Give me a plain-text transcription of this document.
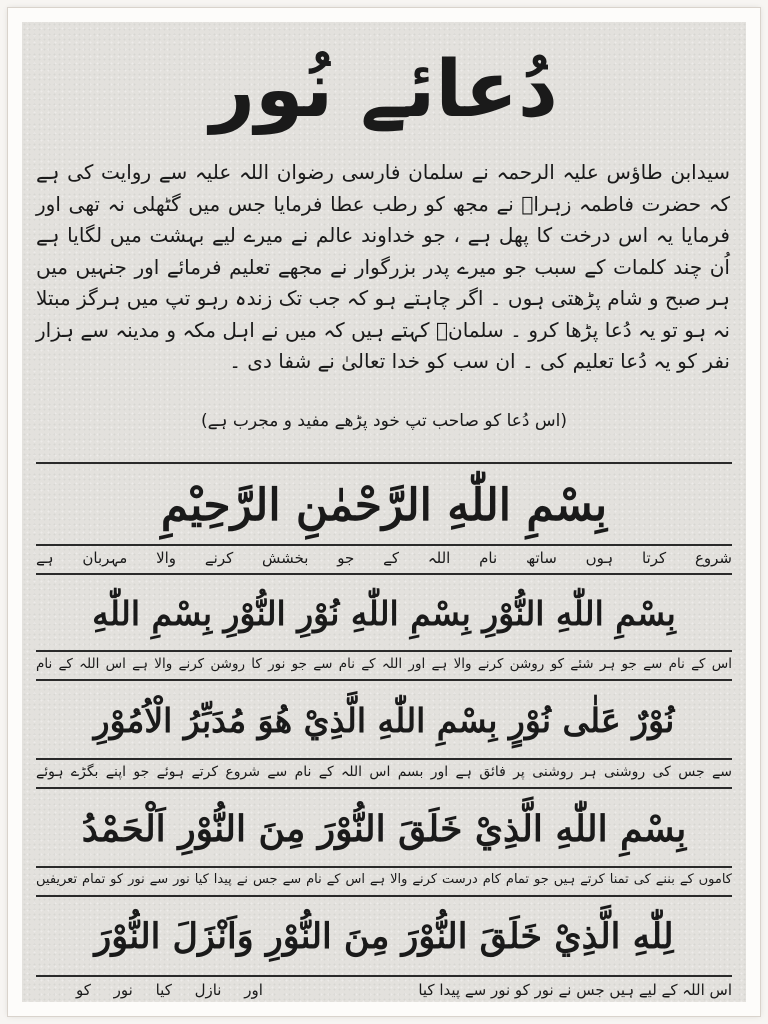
دُعائے نُور
سیدابن طاؤس علیہ الرحمہ نے سلمان فارسی رضوان اللہ علیہ سے روایت کی ہے کہ حضرت فاطمہ زہراؑ نے مجھ کو رطب عطا فرمایا جس میں گٹھلی نہ تھی اور فرمایا یہ اس درخت کا پھل ہے ، جو خداوند عالم نے میرے لیے بہشت میں لگایا ہے اُن چند کلمات کے سبب جو میرے پدر بزرگوار نے مجھے تعلیم فرمائے اور جنہیں میں ہر صبح و شام پڑھتی ہوں ۔ اگر چاہتے ہو کہ جب تک زندہ رہو تپ میں ہرگز مبتلا نہ ہو تو یہ دُعا پڑھا کرو ۔ سلمانؓ کہتے ہیں کہ میں نے اہل مکہ و مدینہ سے ہزار نفر کو یہ دُعا تعلیم کی ۔ ان سب کو خدا تعالیٰ نے شفا دی ۔
(اس دُعا کو صاحب تپ خود پڑھے مفید و مجرب ہے)
بِسْمِ اللّٰهِ الرَّحْمٰنِ الرَّحِيْمِ
شروع کرتا ہوں ساتھ نام اللہ کے جو بخشش کرنے والا مہربان ہے
بِسْمِ اللّٰهِ النُّوْرِ بِسْمِ اللّٰهِ نُوْرِ النُّوْرِ بِسْمِ اللّٰهِ
اس کے نام سے جو ہر شئے کو روشن کرنے والا ہے اور اللہ کے نام سے جو نور کا روشن کرنے والا ہے اس اللہ کے نام
نُوْرٌ عَلٰى نُوْرٍ بِسْمِ اللّٰهِ الَّذِيْ هُوَ مُدَبِّرُ الْاُمُوْرِ
سے جس کی روشنی ہر روشنی پر فائق ہے اور بسم اس اللہ کے نام سے شروع کرتے ہوئے جو اپنے بگڑے ہوئے
بِسْمِ اللّٰهِ الَّذِيْ خَلَقَ النُّوْرَ مِنَ النُّوْرِ اَلْحَمْدُ
کاموں کے بننے کی تمنا کرتے ہیں جو تمام کام درست کرنے والا ہے اس کے نام سے جس نے پیدا کیا نور سے نور کو تمام تعریفیں
لِلّٰهِ الَّذِيْ خَلَقَ النُّوْرَ مِنَ النُّوْرِ وَاَنْزَلَ النُّوْرَ
اس اللہ کے لیے ہیں جس نے نور کو نور سے پیدا کیا
اور نازل کیا نور کو
